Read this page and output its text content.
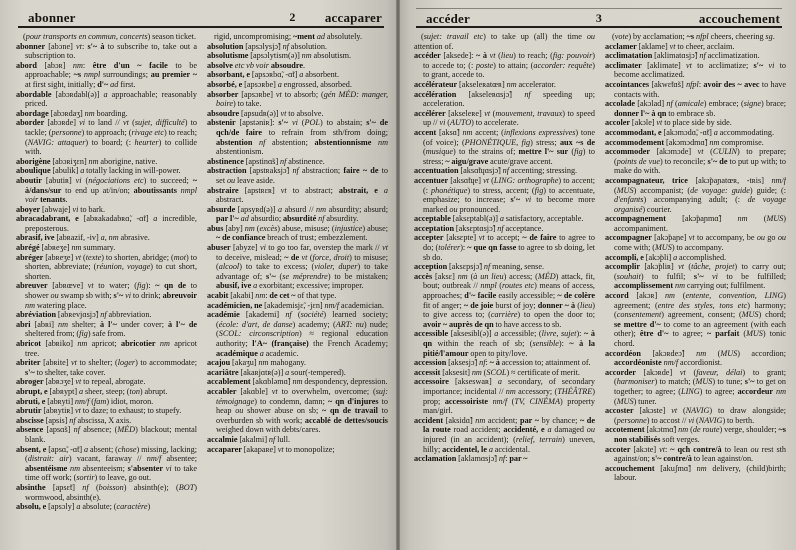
abonner	2 accaparer

(pour transports en commun, concerts) season ticket.

abonner [abɔne] vt: s'~ à to subscribe to, take out a subscription to.

abord [abɔʀ] nm: être d'un ~ facile to be approachable; ~s nmpl surroundings; au premier ~ at first sight, initially; d'~ ad first.

abordable [abɔʀdabl(ə)] a approachable; reasonably priced.

abordage [abɔʀdaʒ] nm boarding.

aborder [abɔʀde] vi to land // vt (sujet, difficulté) to tackle; (personne) to approach; (rivage etc) to reach; (NAVIG: attaquer) to board; (: heurter) to collide with.

aborigène [abɔʀiʒɛn] nm aborigine, native.

aboulique [abulik] a totally lacking in will-power.

aboutir [abutiʀ] vi (négociations etc) to succeed; ~ à/dans/sur to end up at/in/on; aboutissants nmpl voir tenants.

aboyer [abwaje] vi to bark.

abracadabrant, e [abʀakadabʀɑ̃, -ɑ̃t] a incredible, preposterous.

abrasif, ive [abʀazif, -iv] a, nm abrasive.

abrégé [abʀeʒe] nm summary.

abréger [abʀeʒe] vt (texte) to shorten, abridge; (mot) to shorten, abbreviate; (réunion, voyage) to cut short, shorten.

abreuver [abʀœve] vt to water; (fig): ~ qn de to shower ou swamp sb with; s'~ vi to drink; abreuvoir nm watering place.

abréviation [abʀevjɑsjɔ̃] nf abbreviation.

abri [abʀi] nm shelter; à l'~ under cover; à l'~ de sheltered from; (fig) safe from.

abricot [abʀiko] nm apricot; abricotier nm apricot tree.

abriter [abʀite] vt to shelter; (loger) to accommodate; s'~ to shelter, take cover.

abroger [abʀɔʒe] vt to repeal, abrogate.

abrupt, e [abʀypt] a sheer, steep; (ton) abrupt.

abruti, e [abʀyti] nm/f (fam) idiot, moron.

abrutir [abʀytiʀ] vt to daze; to exhaust; to stupefy.

abscisse [apsis] nf abscissa, X axis.

absence [apsɑ̃s] nf absence; (MÉD) blackout; mental blank.

absent, e [apsɑ̃, -ɑ̃t] a absent; (chose) missing, lacking; (distrait: air) vacant, faraway // nm/f absentee; absentéisme nm absenteeism; s'absenter vi to take time off work; (sortir) to leave, go out.

absinthe [apsɛ̃t] nf (boisson) absinth(e); (BOT) wormwood, absinth(e).

absolu, e [apsɔly] a absolute; (caractère)

rigid, uncompromising; ~ment ad absolutely.

absolution [apsɔlysjɔ̃] nf absolution.

absolutisme [apsɔlytism(ə)] nm absolutism.

absolve etc vb voir absoudre.

absorbant, e [apsɔʀbɑ̃, -ɑ̃t] a absorbent.

absorbé, e [apsɔʀbe] a engrossed, absorbed.

absorber [apsɔʀbe] vt to absorb; (gén MÉD: manger, boire) to take.

absoudre [apsudʀ(ə)] vt to absolve.

abstenir [apstəniʀ]: s'~ vi (POL) to abstain; s'~ de qch/de faire to refrain from sth/from doing; abstention nf abstention; abstentionnisme nm abstentionism.

abstinence [apstinɑ̃s] nf abstinence.

abstraction [apstʀaksjɔ̃] nf abstraction; faire ~ de to set ou leave aside.

abstraire [apstʀɛʀ] vt to abstract; abstrait, e a abstract.

absurde [apsyʀd(ə)] a absurd // nm absurdity; absurd; par l'~ ad absurdio; absurdité nf absurdity.

abus [aby] nm (excès) abuse, misuse; (injustice) abuse; ~ de confiance breach of trust; embezzlement.

abuser [abyze] vi to go too far, overstep the mark // vt to deceive, mislead; ~ de vt (force, droit) to misuse; (alcool) to take to excess; (violer, duper) to take advantage of; s'~ (se méprendre) to be mistaken; abusif, ive a exorbitant; excessive; improper.

acabit [akabi] nm: de cet ~ of that type.

académicien, ne [akademisjɛ̃, -jɛn] nm/f academician.

académie [akademi] nf (société) learned society; (école: d'art, de danse) academy; (ART: nu) nude; (SCOL: circonscription) ≈ regional education authority; l'A~ (française) the French Academy; académique a academic.

acajou [akaʒu] nm mahogany.

acariâtre [akaʀjɑtʀ(ə)] a sour(-tempered).

accablement [akɑbləmɑ̃] nm despondency, depression.

accabler [akɑble] vt to overwhelm, overcome; (suj: témoignage) to condemn, damn; ~ qn d'injures to heap ou shower abuse on sb; ~ qn de travail to overburden sb with work; accablé de dettes/soucis weighed down with debts/cares.

accalmie [akalmi] nf lull.

accaparer [akapaʀe] vt to monopolize;

accéder	3	accouchement

(sujet: travail etc) to take up (all) the time ou attention of.

accéder [aksede]: ~ à vt (lieu) to reach; (fig: pouvoir) to accede to; (: poste) to attain; (accorder: requête) to grant, accede to.

accélérateur [akseleʀatœʀ] nm accelerator.

accélération [akseleʀɑsjɔ̃] nf speeding up; acceleration.

accélérer [akseleʀe] vt (mouvement, travaux) to speed up // vi (AUTO) to accelerate.

accent [aksɑ̃] nm accent; (inflexions expressives) tone (of voice); (PHONÉTIQUE, fig) stress; aux ~s de (musique) to the strains of; mettre l'~ sur (fig) to stress; ~ aigu/grave acute/grave accent.

accentuation [aksɑ̃tɥɑsjɔ̃] nf accenting; stressing.

accentuer [aksɑ̃tɥe] vt (LING: orthographe) to accent; (: phonétique) to stress, accent; (fig) to accentuate, emphasize; to increase; s'~ vi to become more marked ou pronounced.

acceptable [aksɛptabl(ə)] a satisfactory, acceptable.

acceptation [aksɛptɑsjɔ̃] nf acceptance.

accepter [aksɛpte] vt to accept; ~ de faire to agree to do; (tolérer): ~ que qn fasse to agree to sb doing, let sb do.

acception [aksɛpsjɔ̃] nf meaning, sense.

accès [aksɛ] nm (à un lieu) access; (MÉD) attack, fit, bout; outbreak // nmpl (routes etc) means of access, approaches; d'~ facile easily accessible; ~ de colère fit of anger; ~ de joie burst of joy; donner ~ à (lieu) to give access to; (carrière) to open the door to; avoir ~ auprès de qn to have access to sb.

accessible [aksesibl(ə)] a accessible; (livre, sujet): ~ à qn within the reach of sb; (sensible): ~ à la pitié/l'amour open to pity/love.

accession [aksesjɔ̃] nf: ~ à accession to; attainment of.

accessit [aksesit] nm (SCOL) ≈ certificate of merit.

accessoire [akseswaʀ] a secondary, of secondary importance; incidental // nm accessory; (THÉÂTRE) prop; accessoiriste nm/f (TV, CINÉMA) property man/girl.

accident [aksidɑ̃] nm accident; par ~ by chance; ~ de la route road accident; accidenté, e a damaged ou injured (in an accident); (relief, terrain) uneven, hilly; accidentel, le a accidental.

acclamation [aklamɑsjɔ̃] nf: par ~

(vote) by acclamation; ~s nfpl cheers, cheering sg.

acclamer [aklame] vt to cheer, acclaim.

acclimatation [aklimatɑsjɔ̃] nf acclimatization.

acclimater [aklimate] vt to acclimatize; s'~ vi to become acclimatized.

accointances [akwɛ̃tɑ̃s] nfpl: avoir des ~ avec to have contacts with.

accolade [akɔlad] nf (amicale) embrace; (signe) brace; donner l'~ à qn to embrace sb.

accoler [akɔle] vt to place side by side.

accommodant, e [akɔmɔdɑ̃, -ɑ̃t] a accommodating.

accommodement [akɔmɔdmɑ̃] nm compromise.

accommoder [akɔmɔde] vt (CULIN) to prepare; (points de vue) to reconcile; s'~ de to put up with; to make do with.

accompagnateur, trice [akɔ̃paɲatœʀ, -tʀis] nm/f (MUS) accompanist; (de voyage: guide) guide; (: d'enfants) accompanying adult; (: de voyage organisé) courier.

accompagnement [akɔ̃paɲmɑ̃] nm (MUS) accompaniment.

accompagner [akɔ̃paɲe] vt to accompany, be ou go ou come with; (MUS) to accompany.

accompli, e [akɔ̃pli] a accomplished.

accomplir [akɔ̃pliʀ] vt (tâche, projet) to carry out; (souhait) to fulfil; s'~ vi to be fulfilled; accomplissement nm carrying out; fulfilment.

accord [akɔʀ] nm (entente, convention, LING) agreement; (entre des styles, tons etc) harmony; (consentement) agreement, consent; (MUS) chord; se mettre d'~ to come to an agreement (with each other); être d'~ to agree; ~ parfait (MUS) tonic chord.

accordéon [akɔʀdeɔ̃] nm (MUS) accordion; accordéoniste nm/f accordionist.

accorder [akɔʀde] vt (faveur, délai) to grant; (harmoniser) to match; (MUS) to tune; s'~ to get on together; to agree; (LING) to agree; accordeur nm (MUS) tuner.

accoster [akɔste] vt (NAVIG) to draw alongside; (personne) to accost // vi (NAVIG) to berth.

accotement [akɔtmɑ̃] nm (de route) verge, shoulder; ~s non stabilisés soft verges.

accoter [akɔte] vt: ~ qch contre/à to lean ou rest sth against/on; s'~ contre/à to lean against/on.

accouchement [akuʃmɑ̃] nm delivery, (child)birth; labour.
